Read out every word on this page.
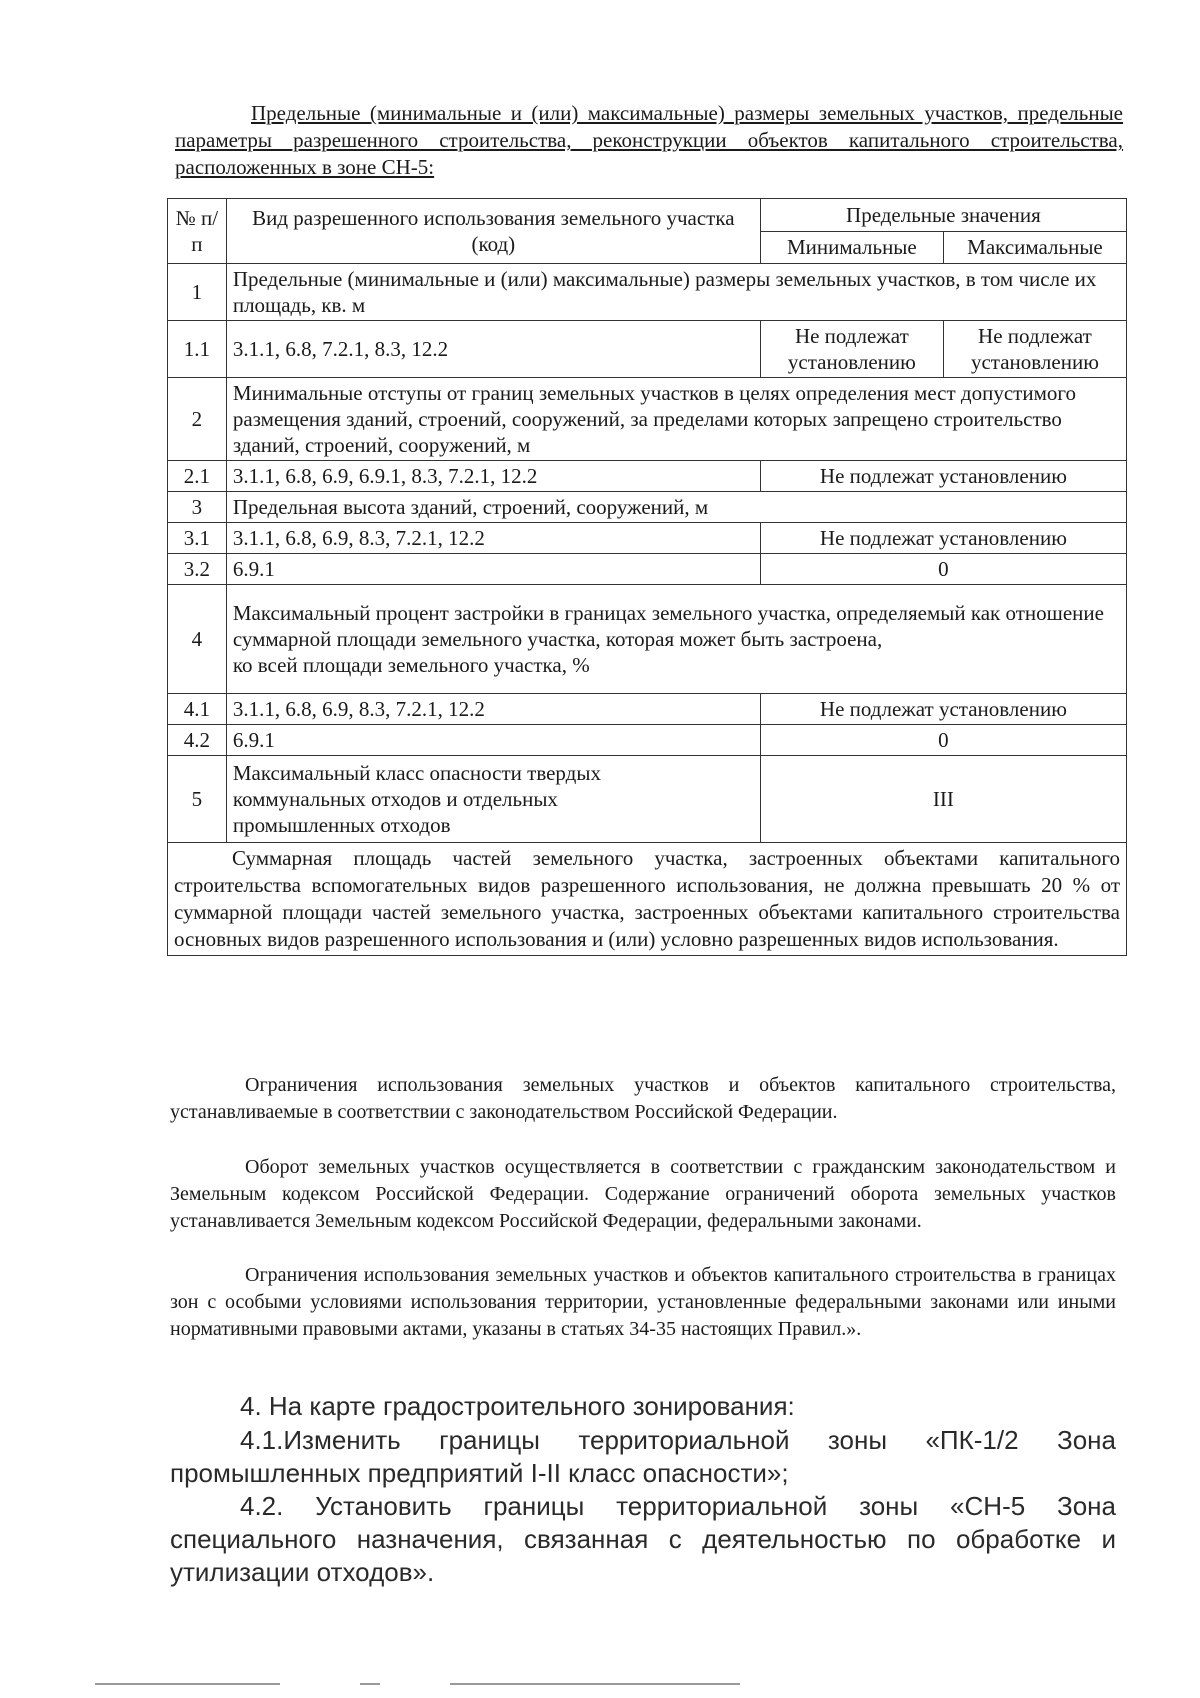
Предельные (минимальные и (или) максимальные) размеры земельных участков, предельные параметры разрешенного строительства, реконструкции объектов капитального строительства, расположенных в зоне СН-5:
№ п/п	Вид разрешенного использования земельного участка (код)	Предельные значения	
		Минимальные	Максимальные
1	Предельные (минимальные и (или) максимальные) размеры земельных участков, в том числе их площадь, кв. м		
1.1	3.1.1, 6.8, 7.2.1, 8.3, 12.2	Не подлежат установлению	Не подлежат установлению
2	Минимальные отступы от границ земельных участков в целях определения мест допустимого размещения зданий, строений, сооружений, за пределами которых запрещено строительство зданий, строений, сооружений, м		
2.1	3.1.1, 6.8, 6.9, 6.9.1, 8.3, 7.2.1, 12.2	Не подлежат установлению	
3	Предельная высота зданий, строений, сооружений, м		
3.1	3.1.1, 6.8, 6.9, 8.3, 7.2.1, 12.2	Не подлежат установлению	
3.2	6.9.1	0	
4	Максимальный процент застройки в границах земельного участка, определяемый как отношение суммарной площади земельного участка, которая может быть застроена,
ко всей площади земельного участка, %		
4.1	3.1.1, 6.8, 6.9, 8.3, 7.2.1, 12.2	Не подлежат установлению	
4.2	6.9.1	0	
5	Максимальный класс опасности твердых коммунальных отходов и отдельных промышленных отходов	III	
Суммарная площадь частей земельного участка, застроенных объектами капитального строительства вспомогательных видов разрешенного использования, не должна превышать 20 % от суммарной площади частей земельного участка, застроенных объектами капитального строительства основных видов разрешенного использования и (или) условно разрешенных видов использования.			
Ограничения использования земельных участков и объектов капитального строительства, устанавливаемые в соответствии с законодательством Российской Федерации.
Оборот земельных участков осуществляется в соответствии с гражданским законодательством и Земельным кодексом Российской Федерации. Содержание ограничений оборота земельных участков устанавливается Земельным кодексом Российской Федерации, федеральными законами.
Ограничения использования земельных участков и объектов капитального строительства в границах зон с особыми условиями использования территории, установленные федеральными законами или иными нормативными правовыми актами, указаны в статьях 34-35 настоящих Правил.».
4. На карте градостроительного зонирования:
4.1.Изменить границы территориальной зоны «ПК-1/2 Зона промышленных предприятий I-II класс опасности»;
4.2. Установить границы территориальной зоны «СН-5 Зона специального назначения, связанная с деятельностью по обработке и утилизации отходов».
